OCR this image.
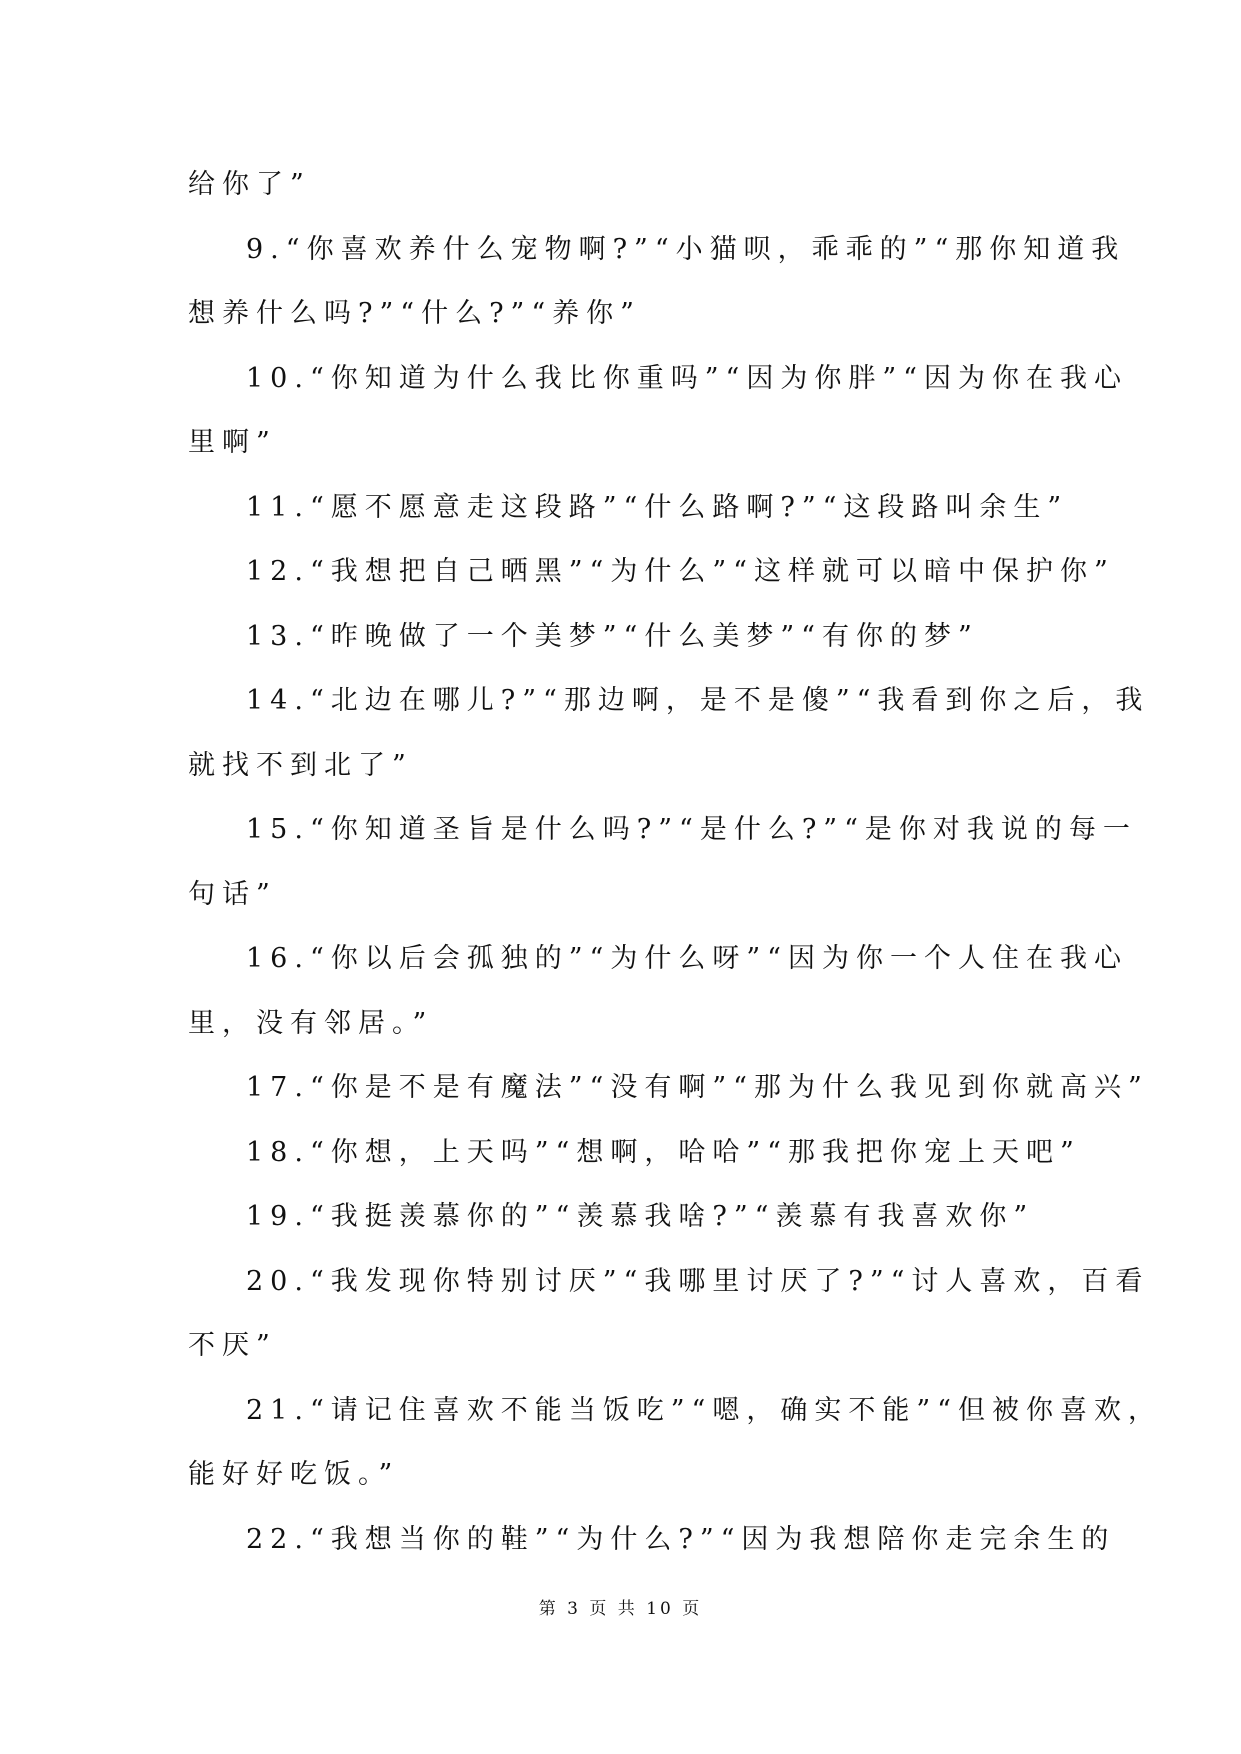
给你了”

9.“你喜欢养什么宠物啊?”“小猫呗，乖乖的”“那你知道我

想养什么吗?”“什么?”“养你”

10.“你知道为什么我比你重吗”“因为你胖”“因为你在我心

里啊”

11.“愿不愿意走这段路”“什么路啊?”“这段路叫余生”

12.“我想把自己晒黑”“为什么”“这样就可以暗中保护你”

13.“昨晚做了一个美梦”“什么美梦”“有你的梦”

14.“北边在哪儿?”“那边啊，是不是傻”“我看到你之后，我

就找不到北了”

15.“你知道圣旨是什么吗?”“是什么?”“是你对我说的每一

句话”

16.“你以后会孤独的”“为什么呀”“因为你一个人住在我心

里，没有邻居。”

17.“你是不是有魔法”“没有啊”“那为什么我见到你就高兴”

18.“你想，上天吗”“想啊，哈哈”“那我把你宠上天吧”

19.“我挺羡慕你的”“羡慕我啥?”“羡慕有我喜欢你”

20.“我发现你特别讨厌”“我哪里讨厌了?”“讨人喜欢，百看

不厌”

21.“请记住喜欢不能当饭吃”“嗯，确实不能”“但被你喜欢，

能好好吃饭。”

22.“我想当你的鞋”“为什么?”“因为我想陪你走完余生的

第 3 页 共 10 页
